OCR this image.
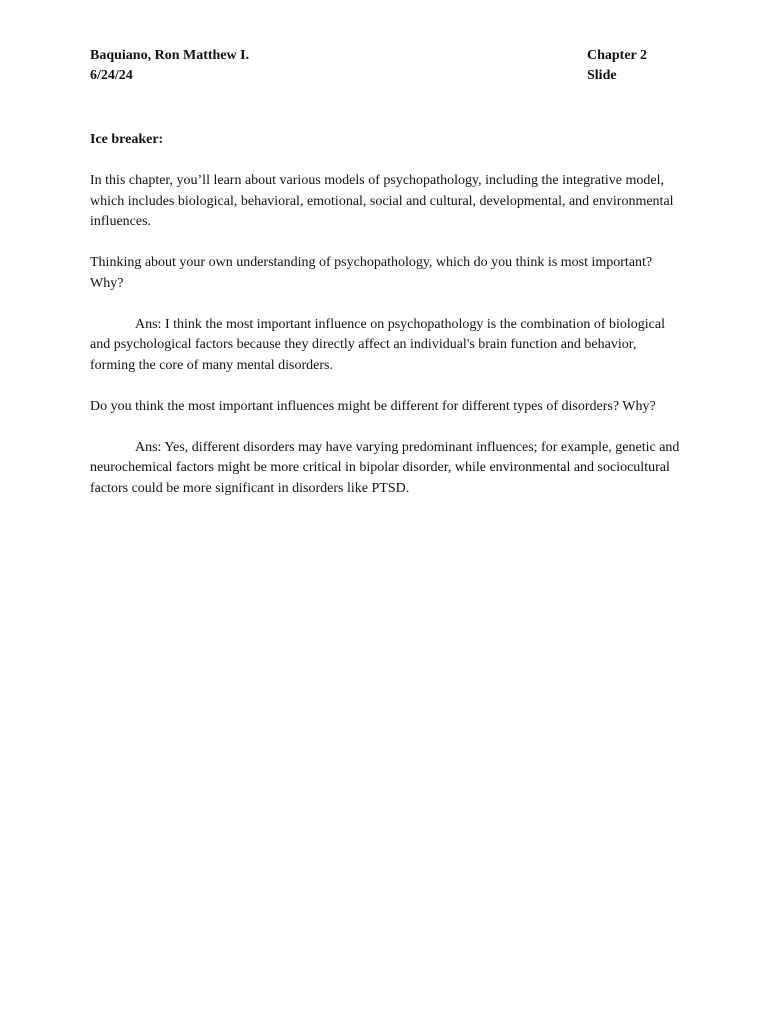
Baquiano, Ron Matthew I.
6/24/24
Chapter 2
Slide

Ice breaker:

In this chapter, you’ll learn about various models of psychopathology, including the integrative model, which includes biological, behavioral, emotional, social and cultural, developmental, and environmental influences.

Thinking about your own understanding of psychopathology, which do you think is most important? Why?

Ans: I think the most important influence on psychopathology is the combination of biological and psychological factors because they directly affect an individual's brain function and behavior, forming the core of many mental disorders.

Do you think the most important influences might be different for different types of disorders? Why?

Ans: Yes, different disorders may have varying predominant influences; for example, genetic and neurochemical factors might be more critical in bipolar disorder, while environmental and sociocultural factors could be more significant in disorders like PTSD.
